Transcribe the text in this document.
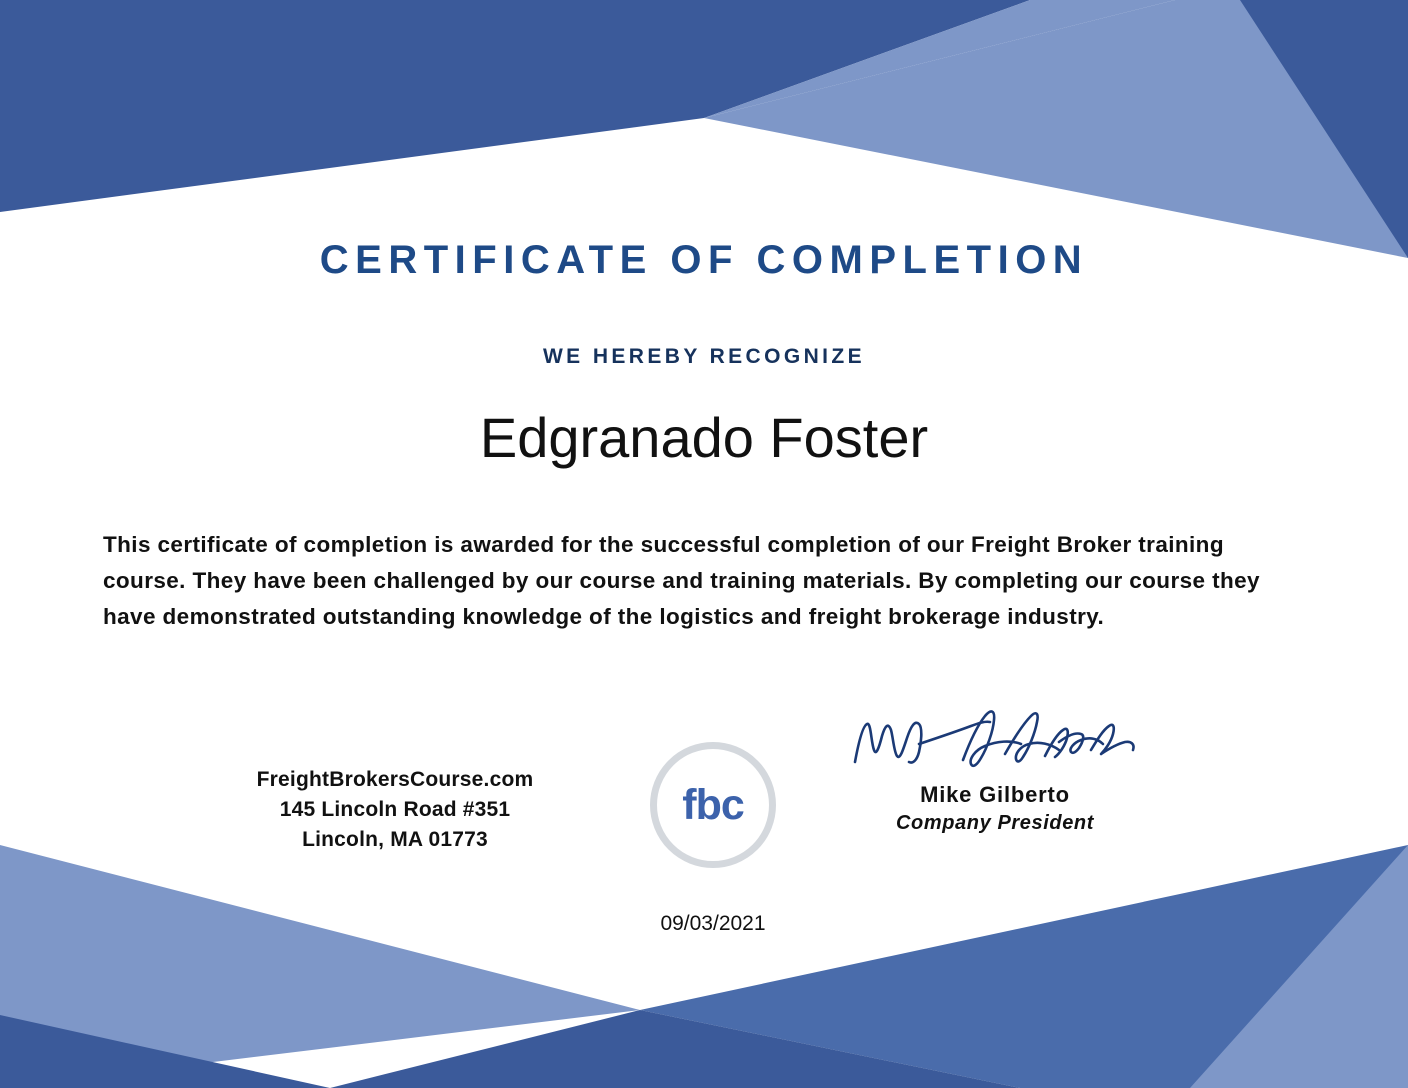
CERTIFICATE OF COMPLETION
WE HEREBY RECOGNIZE
Edgranado Foster
This certificate of completion is awarded for the successful completion of our Freight Broker training course. They have been challenged by our course and training materials. By completing our course they have demonstrated outstanding knowledge of the logistics and freight brokerage industry.
FreightBrokersCourse.com
145 Lincoln Road #351
Lincoln, MA 01773
fbc	Mike Gilberto
Company President
09/03/2021
